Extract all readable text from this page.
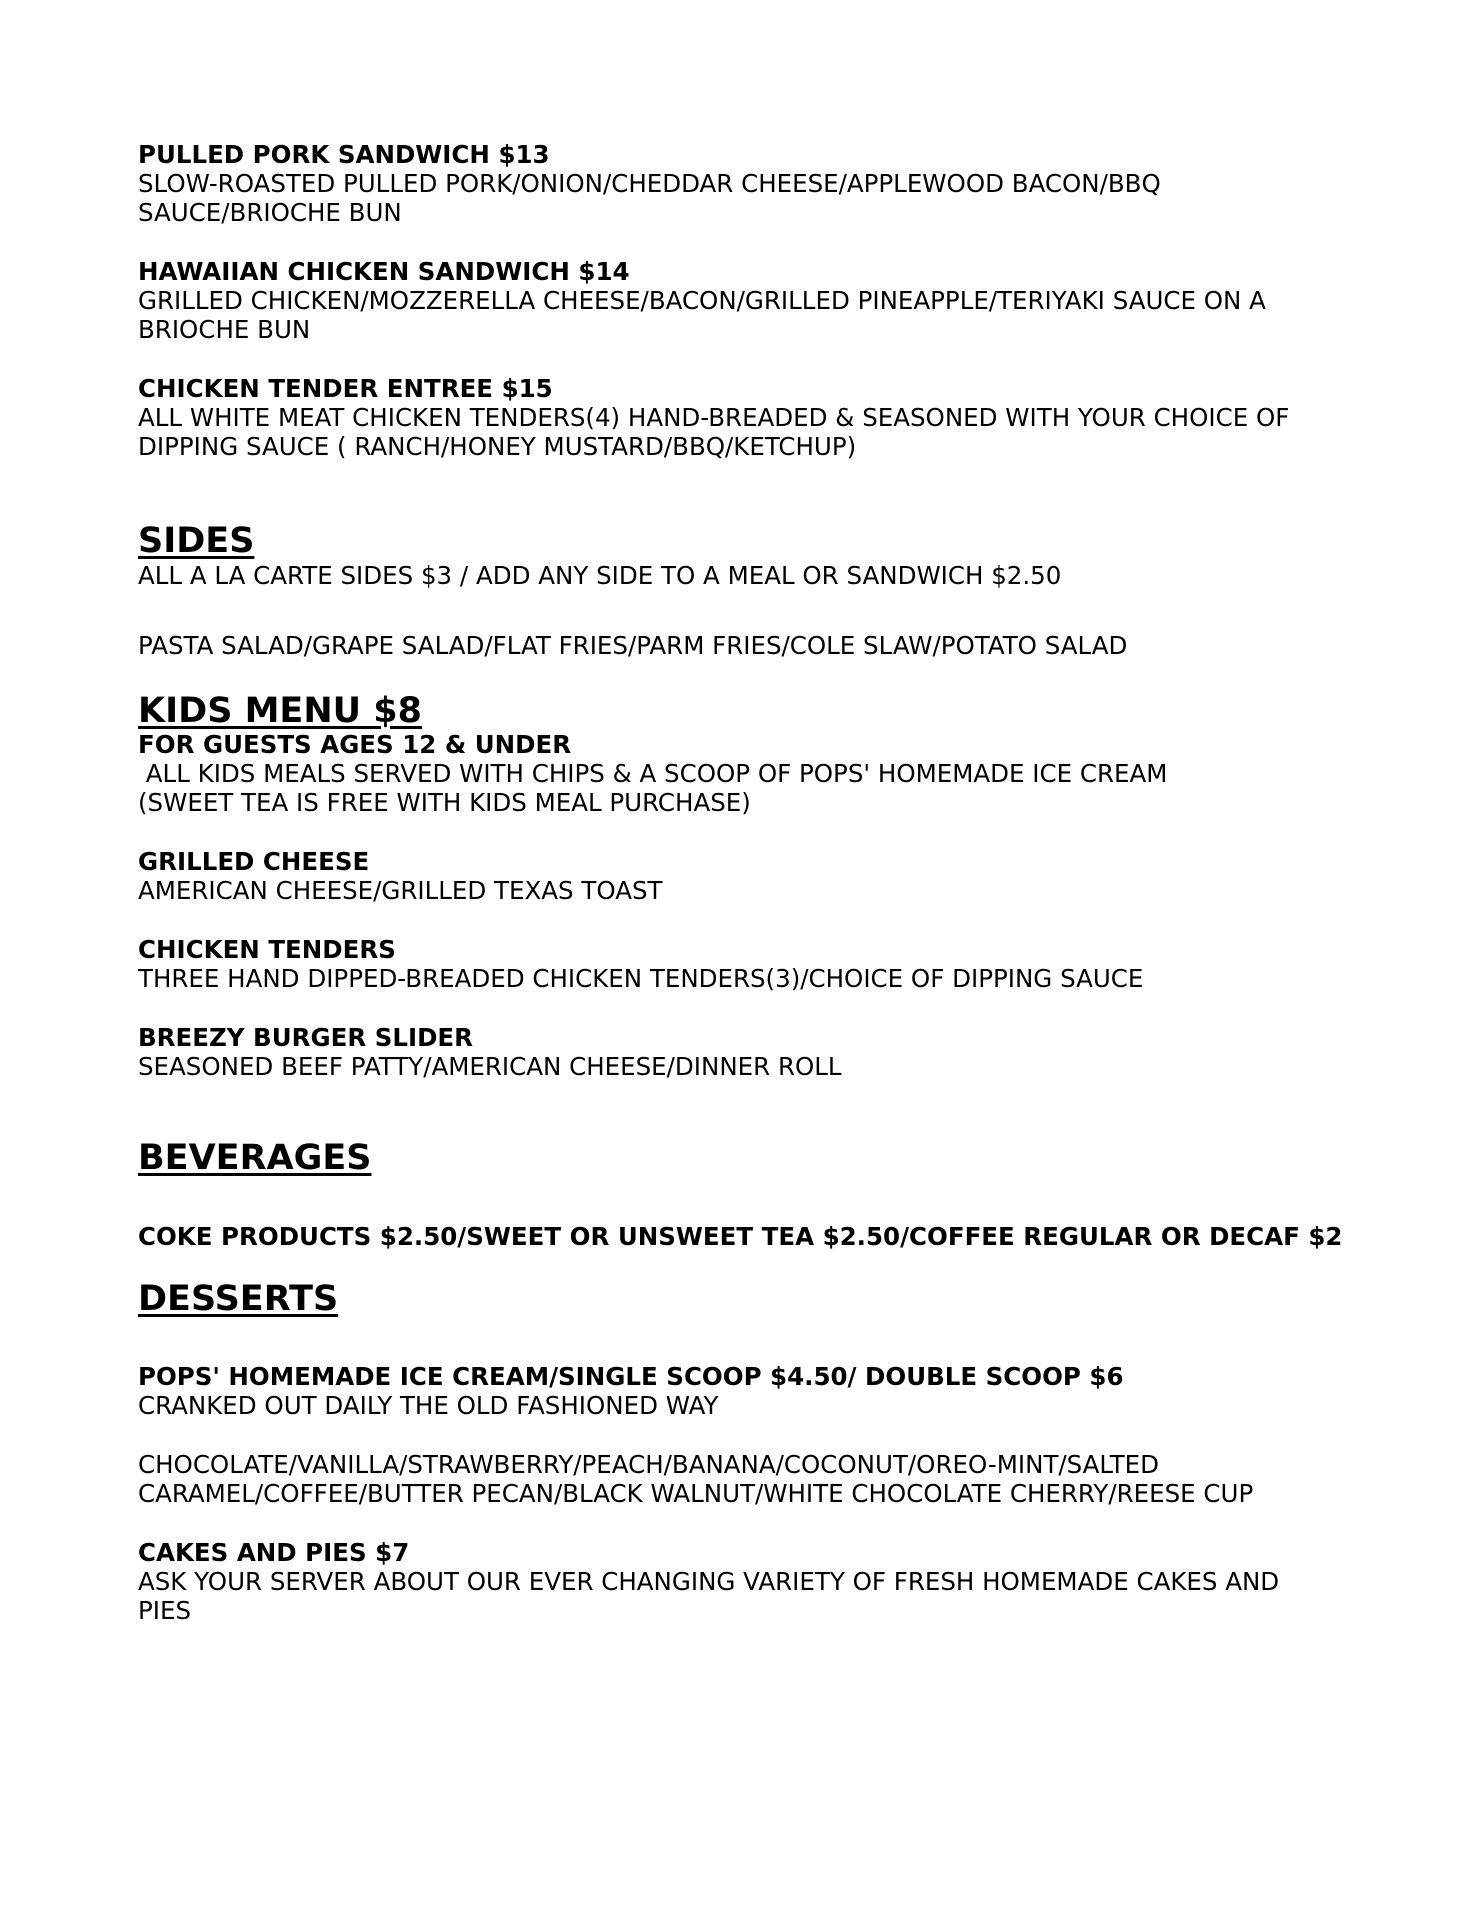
PULLED PORK SANDWICH $13
SLOW-ROASTED PULLED PORK/ONION/CHEDDAR CHEESE/APPLEWOOD BACON/BBQ
SAUCE/BRIOCHE BUN
HAWAIIAN CHICKEN SANDWICH $14
GRILLED CHICKEN/MOZZERELLA CHEESE/BACON/GRILLED PINEAPPLE/TERIYAKI SAUCE ON A
BRIOCHE BUN
CHICKEN TENDER ENTREE $15
ALL WHITE MEAT CHICKEN TENDERS(4) HAND-BREADED & SEASONED WITH YOUR CHOICE OF
DIPPING SAUCE ( RANCH/HONEY MUSTARD/BBQ/KETCHUP)
SIDES
ALL A LA CARTE SIDES $3 / ADD ANY SIDE TO A MEAL OR SANDWICH $2.50
PASTA SALAD/GRAPE SALAD/FLAT FRIES/PARM FRIES/COLE SLAW/POTATO SALAD
KIDS MENU $8
FOR GUESTS AGES 12 & UNDER
ALL KIDS MEALS SERVED WITH CHIPS & A SCOOP OF POPS' HOMEMADE ICE CREAM
(SWEET TEA IS FREE WITH KIDS MEAL PURCHASE)
GRILLED CHEESE
AMERICAN CHEESE/GRILLED TEXAS TOAST
CHICKEN TENDERS
THREE HAND DIPPED-BREADED CHICKEN TENDERS(3)/CHOICE OF DIPPING SAUCE
BREEZY BURGER SLIDER
SEASONED BEEF PATTY/AMERICAN CHEESE/DINNER ROLL
BEVERAGES
COKE PRODUCTS $2.50/SWEET OR UNSWEET TEA $2.50/COFFEE REGULAR OR DECAF $2
DESSERTS
POPS' HOMEMADE ICE CREAM/SINGLE SCOOP $4.50/ DOUBLE SCOOP $6
CRANKED OUT DAILY THE OLD FASHIONED WAY
CHOCOLATE/VANILLA/STRAWBERRY/PEACH/BANANA/COCONUT/OREO-MINT/SALTED
CARAMEL/COFFEE/BUTTER PECAN/BLACK WALNUT/WHITE CHOCOLATE CHERRY/REESE CUP
CAKES AND PIES $7
ASK YOUR SERVER ABOUT OUR EVER CHANGING VARIETY OF FRESH HOMEMADE CAKES AND
PIES
